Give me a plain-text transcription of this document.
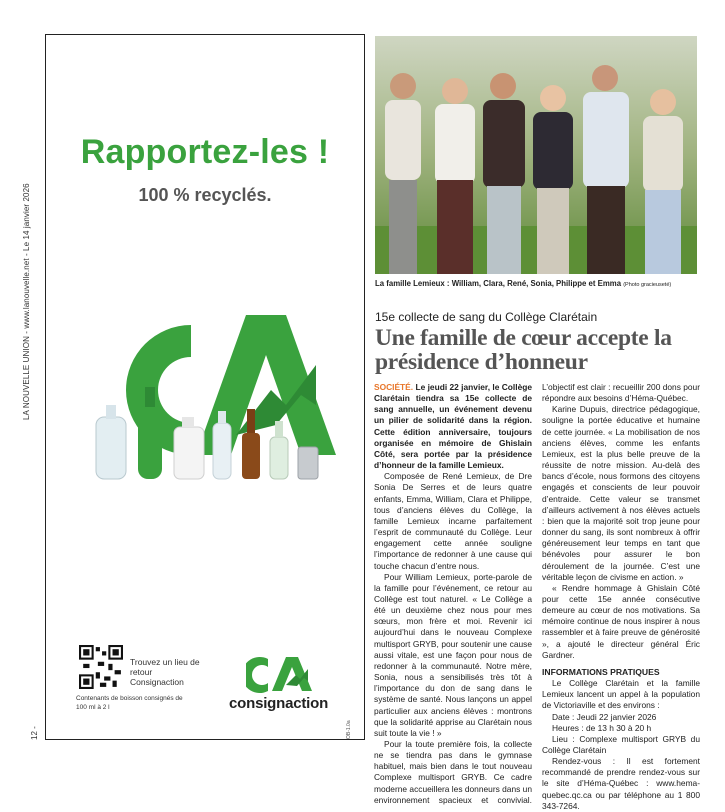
LA NOUVELLE UNION - www.lanouvelle.net - Le 14 janvier 2026
12 -
Rapportez-les !
100 % recyclés.
Trouvez un lieu de retour Consignaction
Contenants de boisson consignés de 100 ml à 2 l	consignaction
OB-1.0a
La famille Lemieux : William, Clara, René, Sonia, Philippe et Emma (Photo gracieuseté)
15e collecte de sang du Collège Clarétain
Une famille de cœur accepte la présidence d’honneur

SOCIÉTÉ. Le jeudi 22 janvier, le Collège Clarétain tiendra sa 15e collecte de sang annuelle, un événement devenu un pilier de solidarité dans la région. Cette édition anniversaire, toujours organisée en mémoire de Ghislain Côté, sera portée par la présidence d’honneur de la famille Lemieux.

Composée de René Lemieux, de Dre Sonia De Serres et de leurs quatre enfants, Emma, William, Clara et Philippe, tous d’anciens élèves du Collège, la famille Lemieux incarne parfaitement l’esprit de communauté du Collège. Leur engagement cette année souligne l’importance de redonner à une cause qui touche chacun d’entre nous.

Pour William Lemieux, porte-parole de la famille pour l’événement, ce retour au Collège est tout naturel. « Le Collège a été un deuxième chez nous pour mes sœurs, mon frère et moi. Revenir ici aujourd’hui dans le nouveau Complexe multisport GRYB, pour soutenir une cause aussi vitale, est une façon pour nous de redonner à la communauté. Notre mère, Sonia, nous a sensibilisés très tôt à l’importance du don de sang dans le système de santé. Nous lançons un appel particulier aux anciens élèves : montrons que la solidarité apprise au Clarétain nous suit toute la vie ! »

Pour la toute première fois, la collecte ne se tiendra pas dans le gymnase habituel, mais bien dans le tout nouveau Complexe multisport GRYB. Ce cadre moderne accueillera les donneurs dans un environnement spacieux et convivial. L’objectif est clair : recueillir 200 dons pour répondre aux besoins d’Héma-Québec.

Karine Dupuis, directrice pédagogique, souligne la portée éducative et humaine de cette journée. « La mobilisation de nos anciens élèves, comme les enfants Lemieux, est la plus belle preuve de la réussite de notre mission. Au-delà des bancs d’école, nous formons des citoyens engagés et conscients de leur pouvoir d’entraide. Cette valeur se transmet d’ailleurs activement à nos élèves actuels : bien que la majorité soit trop jeune pour donner du sang, ils sont nombreux à offrir généreusement leur temps en tant que bénévoles pour assurer le bon déroulement de la journée. C’est une véritable leçon de civisme en action. »

« Rendre hommage à Ghislain Côté pour cette 15e année consécutive demeure au cœur de nos motivations. Sa mémoire continue de nous inspirer à nous rassembler et à faire preuve de générosité », a ajouté le directeur général Éric Gardner.

INFORMATIONS PRATIQUES

Le Collège Clarétain et la famille Lemieux lancent un appel à la population de Victoriaville et des environs :

Date : Jeudi 22 janvier 2026

Heures : de 13 h 30 à 20 h

Lieu : Complexe multisport GRYB du Collège Clarétain

Rendez-vous : Il est fortement recommandé de prendre rendez-vous sur le site d’Héma-Québec : www.hema-quebec.qc.ca ou par téléphone au 1 800 343-7264.
